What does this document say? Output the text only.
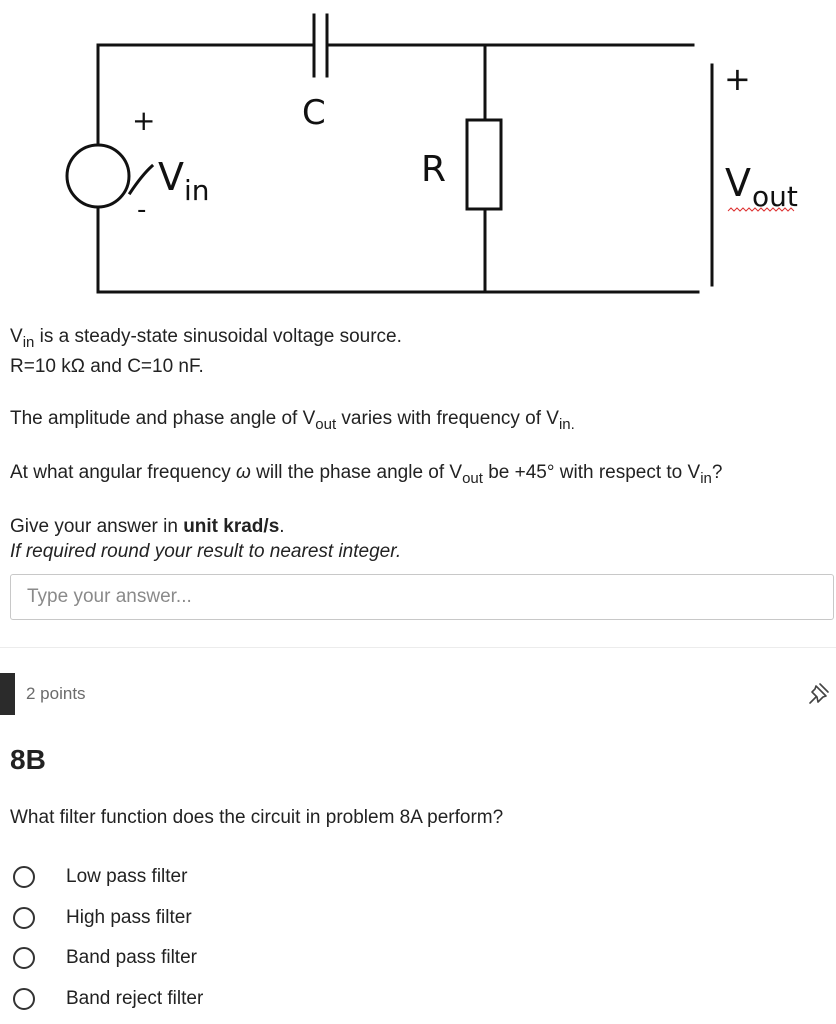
C
R
+
-
$V_{in}$
+
Vout

$V_{in}$ is a steady-state sinusoidal voltage source.

R=10 kΩ and C=10 nF.

The amplitude and phase angle of $V_{out}$ varies with frequency of $V_{in.}$

At what angular frequency ω will the phase angle of $V_{out}$ be +45° with respect to $V_{in}$?

Give your answer in unit krad/s.

If required round your result to nearest integer.

Type your answer...
2 points
8B

What filter function does the circuit in problem 8A perform?

Low pass filter
High pass filter
Band pass filter
Band reject filter
